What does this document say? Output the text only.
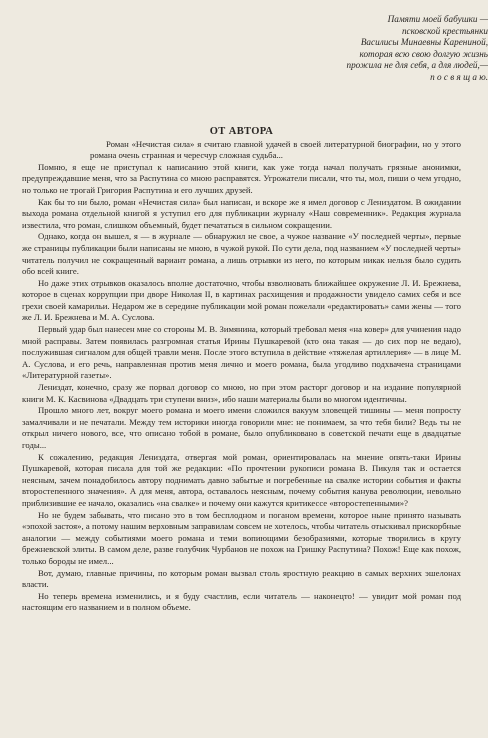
Памяти моей бабушки —
псковской крестьянки
Василисы Минаевны Карениной,
которая всю свою долгую жизнь
прожила не для себя, а для людей,—
п о с в я щ а ю.
ОТ АВТОРА

Роман «Нечистая сила» я считаю главной удачей в своей литературной биографии, но у этого романа очень странная и чересчур сложная судьба...

Помню, я еще не приступал к написанию этой книги, как уже тогда начал получать грязные анонимки, предупреждавшие меня, что за Распутина со мною расправятся. Угрожатели писали, что ты, мол, пиши о чем угодно, но только не трогай Григория Распутина и его лучших друзей.

Как бы то ни было, роман «Нечистая сила» был написан, и вскоре же я имел договор с Лениздатом. В ожидании выхода романа отдельной книгой я уступил его для публикации журналу «Наш современник». Редакция журнала известила, что роман, слишком объемный, будет печататься в сильном сокращении.

Однако, когда он вышел, я — в журнале — обнаружил не свое, а чужое название «У последней черты», первые же страницы публикации были написаны не мною, в чужой рукой. По сути дела, под названием «У последней черты» читатель получил не сокращенный вариант романа, а лишь отрывки из него, по которым никак нельзя было судить обо всей книге.

Но даже этих отрывков оказалось вполне достаточно, чтобы взволновать ближайшее окружение Л. И. Брежнева, которое в сценах коррупции при дворе Николая II, в картинах расхищения и продажности увидело самих себя и все грехи своей камарильи. Недаром же в середине публикации мой роман пожелали «редактировать» сами жены — того же Л. И. Брежнева и М. А. Суслова.

Первый удар был нанесен мне со стороны М. В. Зимянина, который требовал меня «на ковер» для учинения надо мной расправы. Затем появилась разгромная статья Ирины Пушкаревой (кто она такая — до сих пор не ведаю), послужившая сигналом для общей травли меня. После этого вступила в действие «тяжелая артиллерия» — в лице М. А. Суслова, и его речь, направленная против меня лично и моего романа, была угодливо подхвачена страницами «Литературной газеты».

Лениздат, конечно, сразу же порвал договор со мною, но при этом расторг договор и на издание популярной книги М. К. Касвинова «Двадцать три ступени вниз», ибо наши материалы были во многом идентичны.

Прошло много лет, вокруг моего романа и моего имени сложился вакуум зловещей тишины — меня попросту замалчивали и не печатали. Между тем историки иногда говорили мне: не понимаем, за что тебя били? Ведь ты не открыл ничего нового, все, что описано тобой в романе, было опубликовано в советской печати еще в двадцатые годы...

К сожалению, редакция Лениздата, отвергая мой роман, ориентировалась на мнение опять-таки Ирины Пушкаревой, которая писала для той же редакции: «По прочтении рукописи романа В. Пикуля так и остается неясным, зачем понадобилось автору поднимать давно забытые и погребенные на свалке истории события и факты второстепенного значения». А для меня, автора, оставалось неясным, почему события канува революции, невольно приблизившие ее начало, оказались «на свалке» и почему они кажутся критикессе «второстепенными»?

Но не будем забывать, что писано это в том бесплодном и поганом времени, которое ныне принято называть «эпохой застоя», а потому нашим верховным заправилам совсем не хотелось, чтобы читатель отыскивал прискорбные аналогии — между событиями моего романа и теми вопиющими безобразиями, которые творились в кругу брежневской элиты. В самом деле, разве голубчик Чурбанов не похож на Гришку Распутина? Похож! Еще как похож, только бороды не имел...

Вот, думаю, главные причины, по которым роман вызвал столь яростную реакцию в самых верхних эшелонах власти.

Но теперь времена изменились, и я буду счастлив, если читатель — наконецто! — увидит мой роман под настоящим его названием и в полном объеме.
